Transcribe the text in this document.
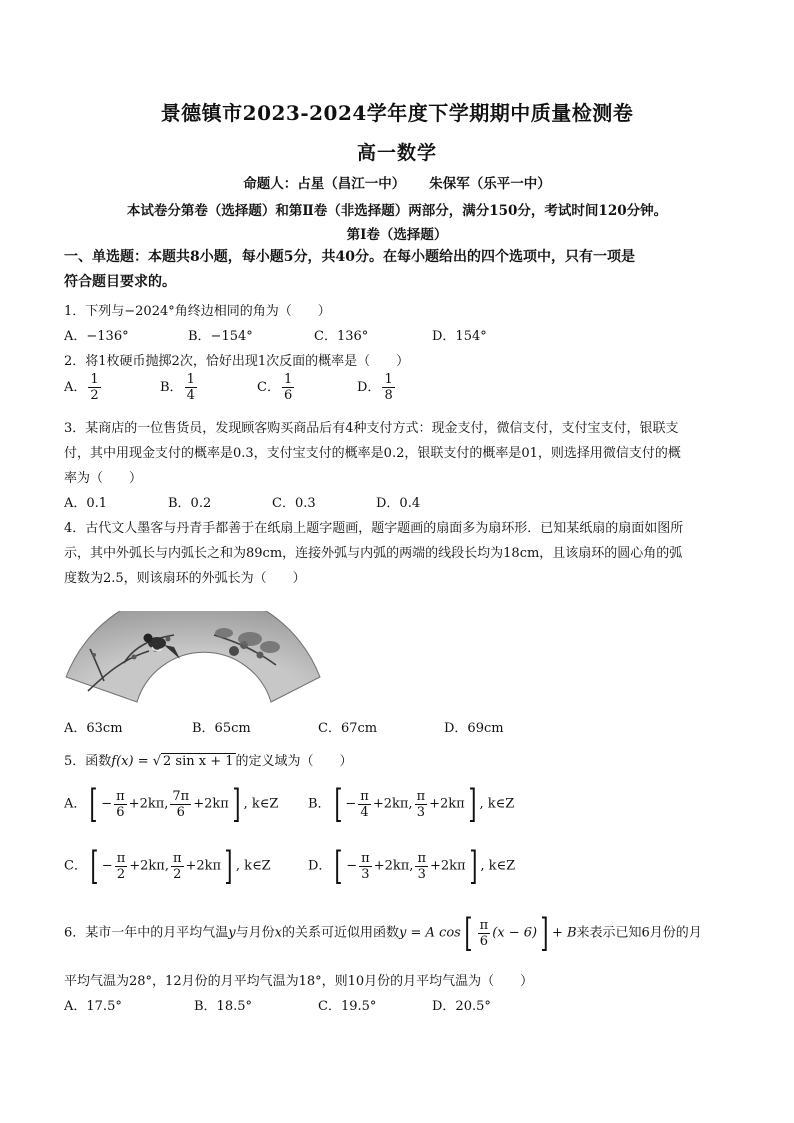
景德镇市2023-2024学年度下学期期中质量检测卷
高一数学
命题人：占星（昌江一中） 朱保军（乐平一中）
本试卷分第卷（选择题）和第Ⅱ卷（非选择题）两部分，满分150分，考试时间120分钟。
第Ⅰ卷（选择题）
一、单选题：本题共8小题，每小题5分，共40分。在每小题给出的四个选项中，只有一项是
符合题目要求的。
1．下列与−2024°角终边相同的角为（　　）
A．−136°	B．−154°	C．136°	D．154°
2．将1枚硬币抛掷2次，恰好出现1次反面的概率是（　　）
A． $\frac{1}{2}$	B． $\frac{1}{4}$	C． $\frac{1}{6}$	D． $\frac{1}{8}$
3．某商店的一位售货员，发现顾客购买商品后有4种支付方式：现金支付，微信支付，支付宝支付，银联支
付，其中用现金支付的概率是0.3，支付宝支付的概率是0.2，银联支付的概率是01，则选择用微信支付的概
率为（　　）
A．0.1	B．0.2	C．0.3	D．0.4
4．古代文人墨客与丹青手都善于在纸扇上题字题画，题字题画的扇面多为扇环形．已知某纸扇的扇面如图所
示，其中外弧长与内弧长之和为89cm，连接外弧与内弧的两端的线段长均为18cm，且该扇环的圆心角的弧
度数为2.5，则该扇环的外弧长为（　　）
A．63cm	B．65cm	C．67cm	D．69cm
5．函数f(x) = √ 2 sin x + 1 的定义域为（　　）
A．[ − $\frac{\pi}{6} +2k\pi$, $\frac{7\pi}{6} +2k\pi$] , k∈Z B．[ − $\frac{\pi}{4} +2k\pi$, $\frac{\pi}{3} +2k\pi$] , k∈Z
C．[ − $\frac{\pi}{2} +2k\pi$, $\frac{\pi}{2} +2k\pi$] , k∈Z	D．[ − $\frac{\pi}{3} +2k\pi$, $\frac{\pi}{3} +2k\pi$] , k∈Z
6．某市一年中的月平均气温y与月份x的关系可近似用函数y = A $\cos[ \frac{\pi}{6} (x - 6)] + B$来表示已知6月份的月
平均气温为28°，12月份的月平均气温为18°，则10月份的月平均气温为（　　）
A．17.5°	B．18.5°	C．19.5°	D．20.5°
